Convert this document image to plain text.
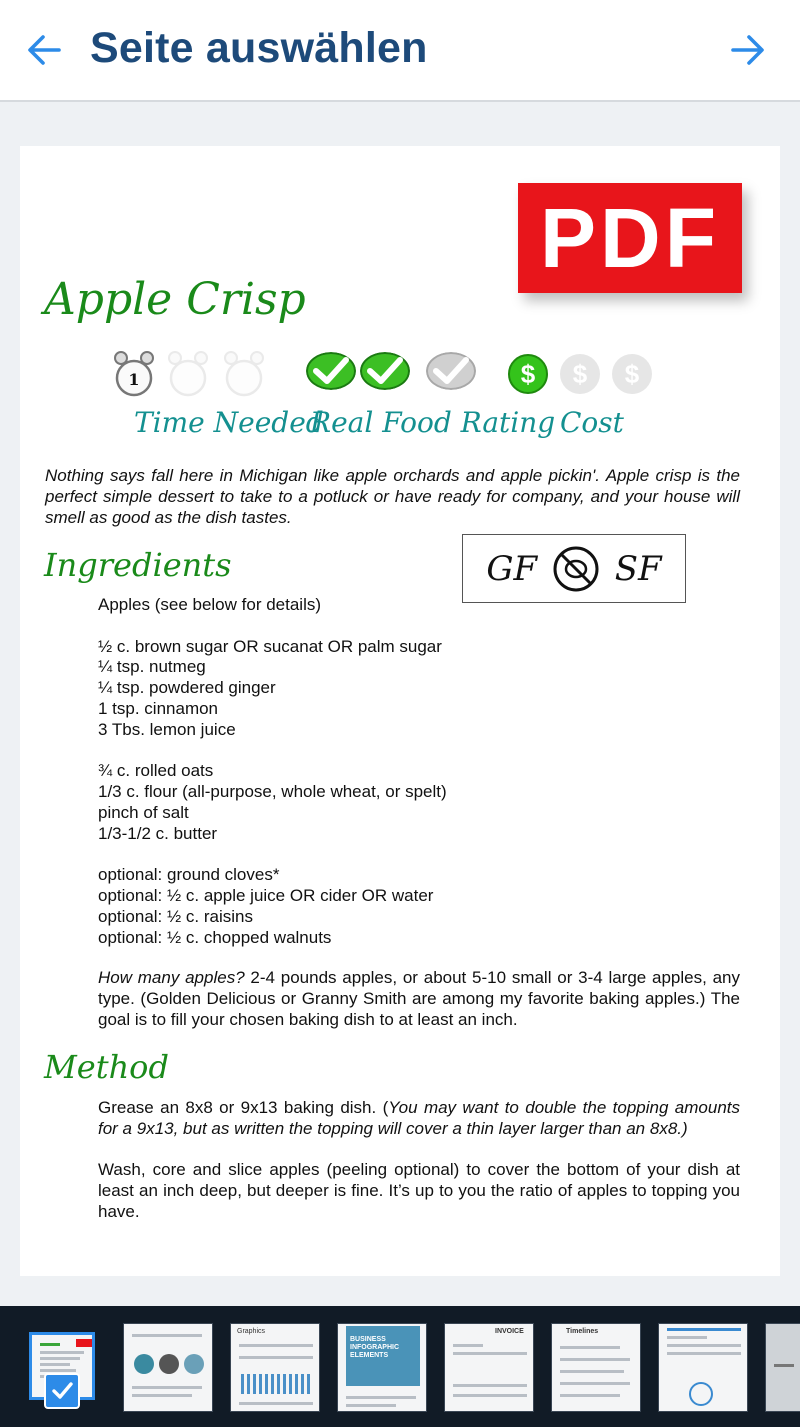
Seite auswählen
PDF
Apple Crisp
1
Time Needed
Real Food Rating
$	$	$
Cost
Nothing says fall here in Michigan like apple orchards and apple pickin'. Apple crisp is the perfect simple dessert to take to a potluck or have ready for company, and your house will smell as good as the dish tastes.
Ingredients	GF SF
Apples (see below for details)
½ c. brown sugar OR sucanat OR palm sugar
¼ tsp. nutmeg
¼ tsp. powdered ginger
1 tsp. cinnamon
3 Tbs. lemon juice
¾ c. rolled oats
1/3 c. flour (all-purpose, whole wheat, or spelt)
pinch of salt
1/3-1/2 c. butter
optional: ground cloves*
optional: ½ c. apple juice OR cider OR water
optional: ½ c. raisins
optional: ½ c. chopped walnuts
How many apples? 2-4 pounds apples, or about 5-10 small or 3-4 large apples, any type. (Golden Delicious or Granny Smith are among my favorite baking apples.) The goal is to fill your chosen baking dish to at least an inch.
Method

Grease an 8x8 or 9x13 baking dish. (You may want to double the topping amounts for a 9x13, but as written the topping will cover a thin layer larger than an 8x8.)

Wash, core and slice apples (peeling optional) to cover the bottom of your dish at least an inch deep, but deeper is fine. It’s up to you the ratio of apples to topping you have.

Graphics
BUSINESS INFOGRAPHIC ELEMENTS
INVOICE	Timelines
